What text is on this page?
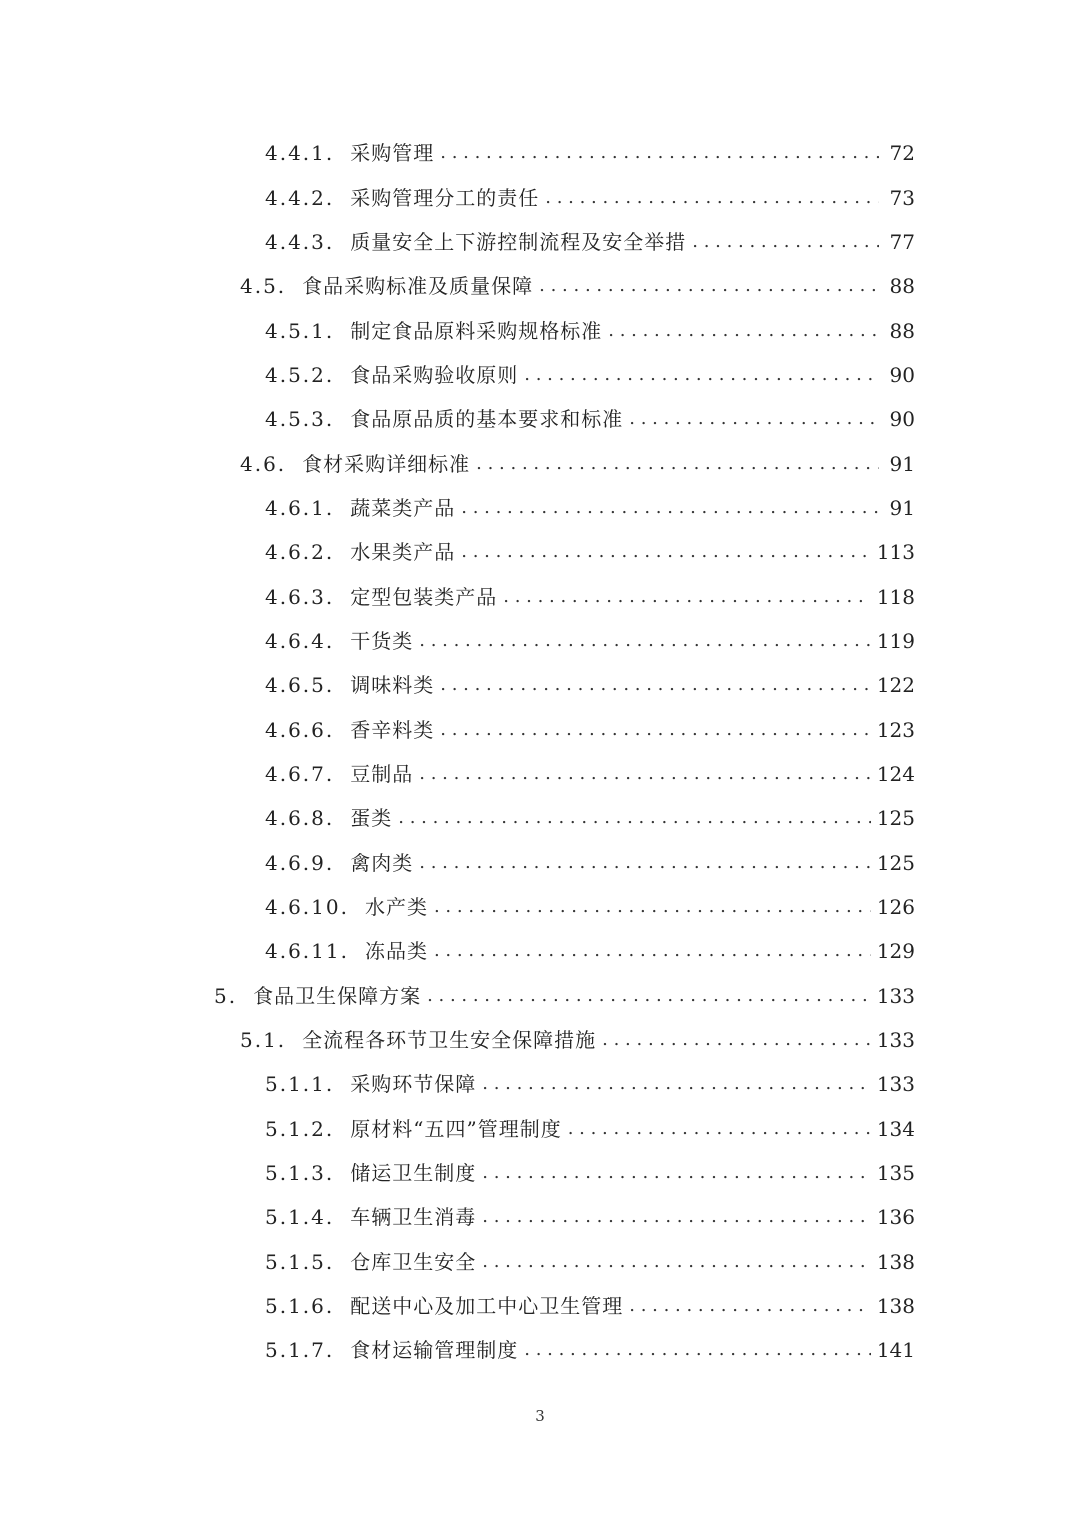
4.4.1. 采购管理 . . .	72
4.4.2. 采购管理分工的责任 . . .	73
4.4.3. 质量安全上下游控制流程及安全举措 . . .	77
4.5. 食品采购标准及质量保障 . . .	88
4.5.1. 制定食品原料采购规格标准 . . .	88
4.5.2. 食品采购验收原则 . . .	90
4.5.3. 食品原品质的基本要求和标准 . . .	90
4.6. 食材采购详细标准 . . .	91
4.6.1. 蔬菜类产品 . . .	91
4.6.2. 水果类产品 . . .	113
4.6.3. 定型包装类产品 . . .	118
4.6.4. 干货类 . . .	119
4.6.5. 调味料类 . . .	122
4.6.6. 香辛料类 . . .	123
4.6.7. 豆制品 . . .	124
4.6.8. 蛋类 . . .	125
4.6.9. 禽肉类 . . .	125
4.6.10. 水产类 . . .	126
4.6.11. 冻品类 . . .	129
5. 食品卫生保障方案 . . .	133
5.1. 全流程各环节卫生安全保障措施 . . .	133
5.1.1. 采购环节保障 . . .	133
5.1.2. 原材料“五四”管理制度 . . .	134
5.1.3. 储运卫生制度 . . .	135
5.1.4. 车辆卫生消毒 . . .	136
5.1.5. 仓库卫生安全 . . .	138
5.1.6. 配送中心及加工中心卫生管理 . . .	138
5.1.7. 食材运输管理制度 . . .	141
3
